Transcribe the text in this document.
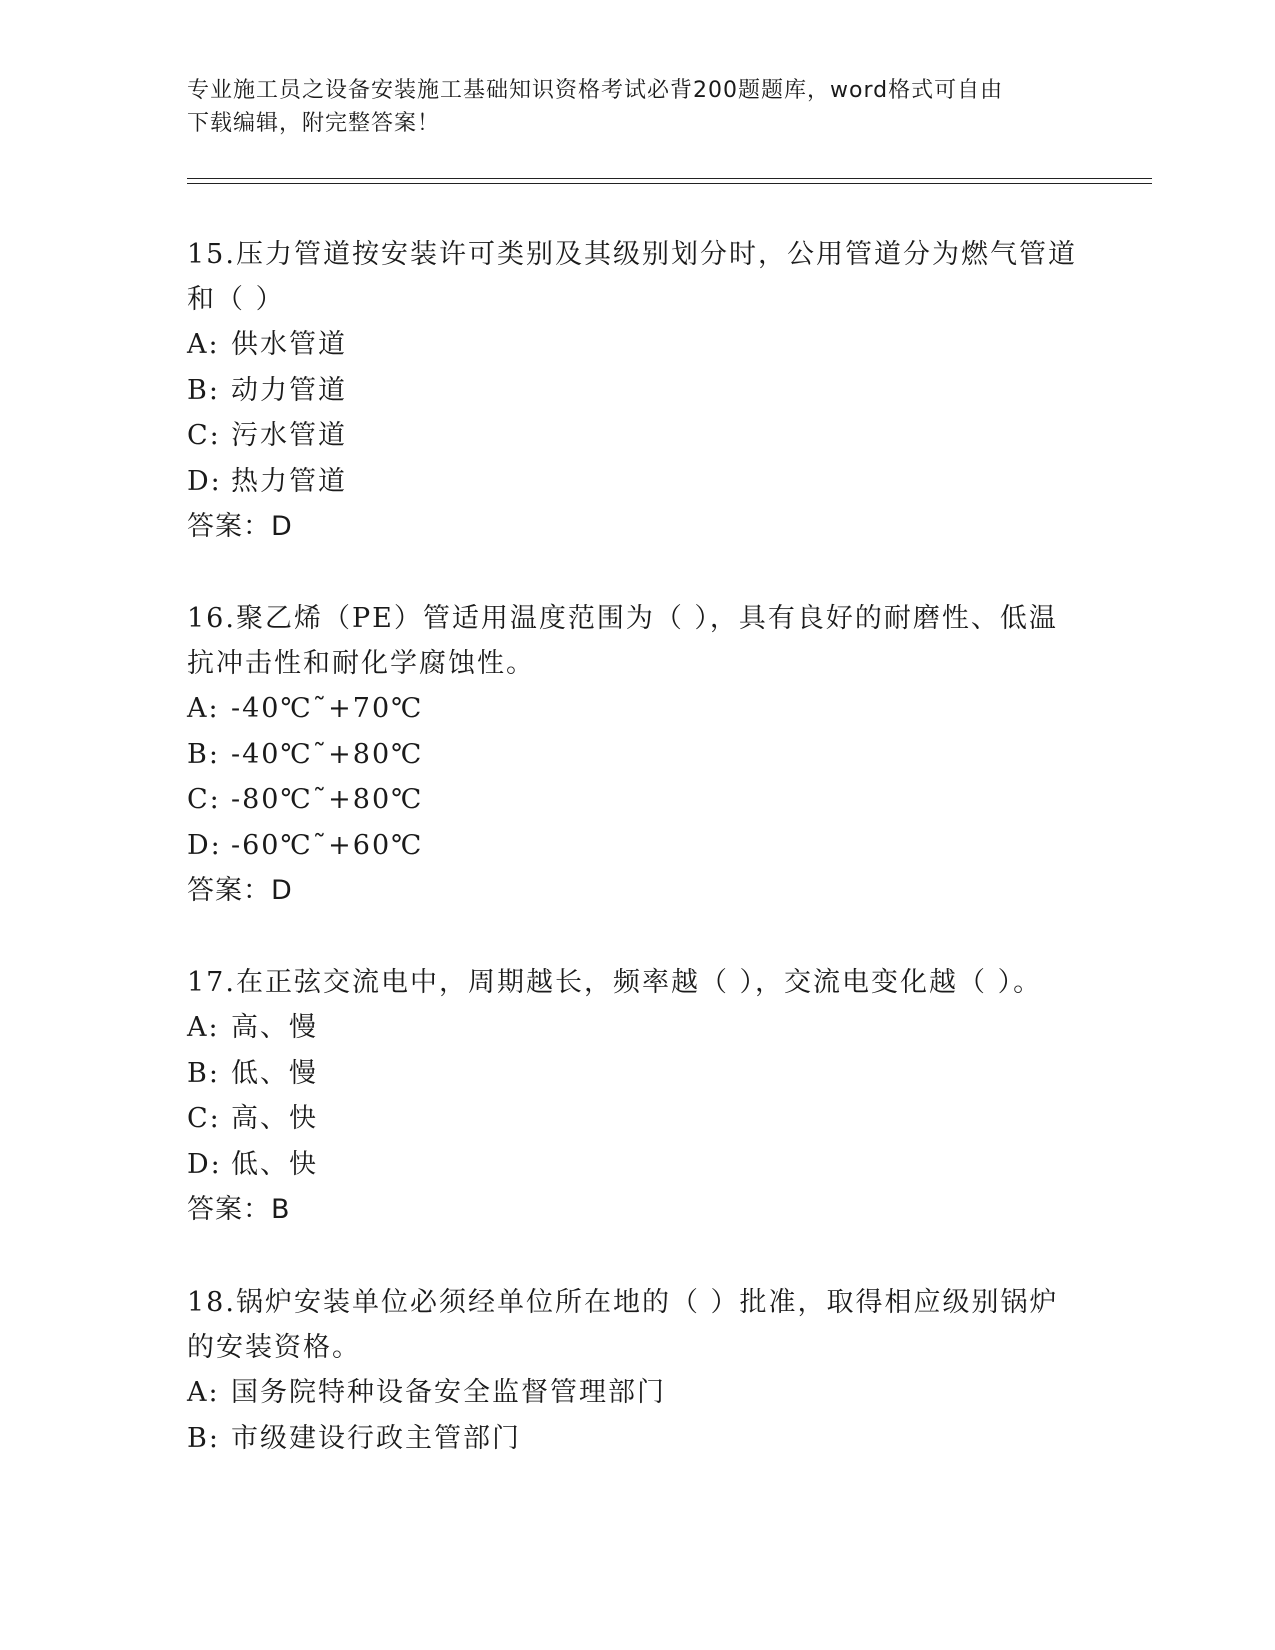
专业施工员之设备安装施工基础知识资格考试必背200题题库，word格式可自由
下载编辑，附完整答案！

15.压力管道按安装许可类别及其级别划分时，公用管道分为燃气管道

和（ ）

A: 供水管道
B: 动力管道
C: 污水管道
D: 热力管道

答案：D

16.聚乙烯（PE）管适用温度范围为（ ），具有良好的耐磨性、低温

抗冲击性和耐化学腐蚀性。

A: -40℃˜+70℃
B: -40℃˜+80℃
C: -80℃˜+80℃
D: -60℃˜+60℃

答案：D

17.在正弦交流电中，周期越长，频率越（ ），交流电变化越（ ）。

A: 高、慢
B: 低、慢
C: 高、快
D: 低、快

答案：B

18.锅炉安装单位必须经单位所在地的（ ）批准，取得相应级别锅炉

的安装资格。

A: 国务院特种设备安全监督管理部门
B: 市级建设行政主管部门
